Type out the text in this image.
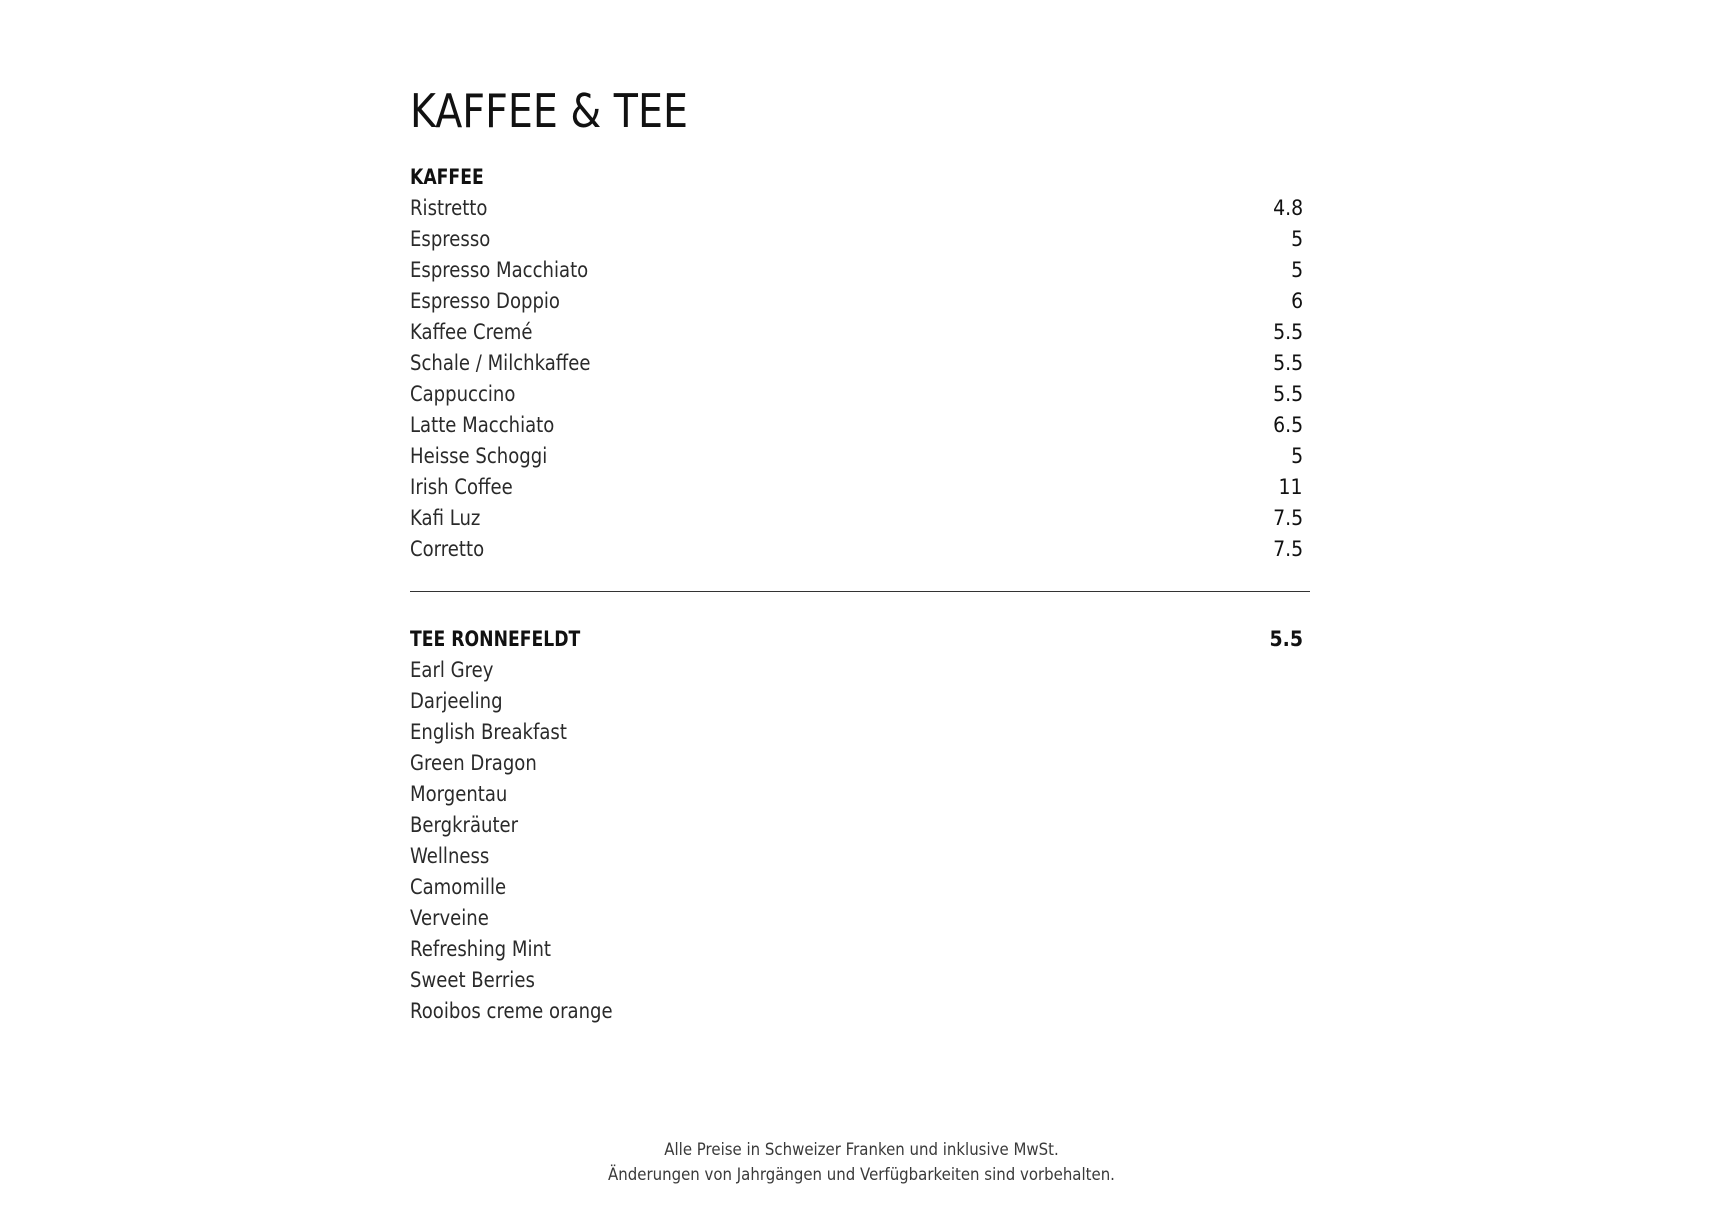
KAFFEE & TEE
KAFFEE
Ristretto	4.8
Espresso	5
Espresso Macchiato	5
Espresso Doppio	6
Kaffee Cremé	5.5
Schale / Milchkaffee	5.5
Cappuccino	5.5
Latte Macchiato	6.5
Heisse Schoggi	5
Irish Coffee	11
Kafi Luz	7.5
Corretto	7.5
TEE RONNEFELDT	5.5
Earl Grey
Darjeeling
English Breakfast
Green Dragon
Morgentau
Bergkräuter
Wellness
Camomille
Verveine
Refreshing Mint
Sweet Berries
Rooibos creme orange
Alle Preise in Schweizer Franken und inklusive MwSt.
Änderungen von Jahrgängen und Verfügbarkeiten sind vorbehalten.
